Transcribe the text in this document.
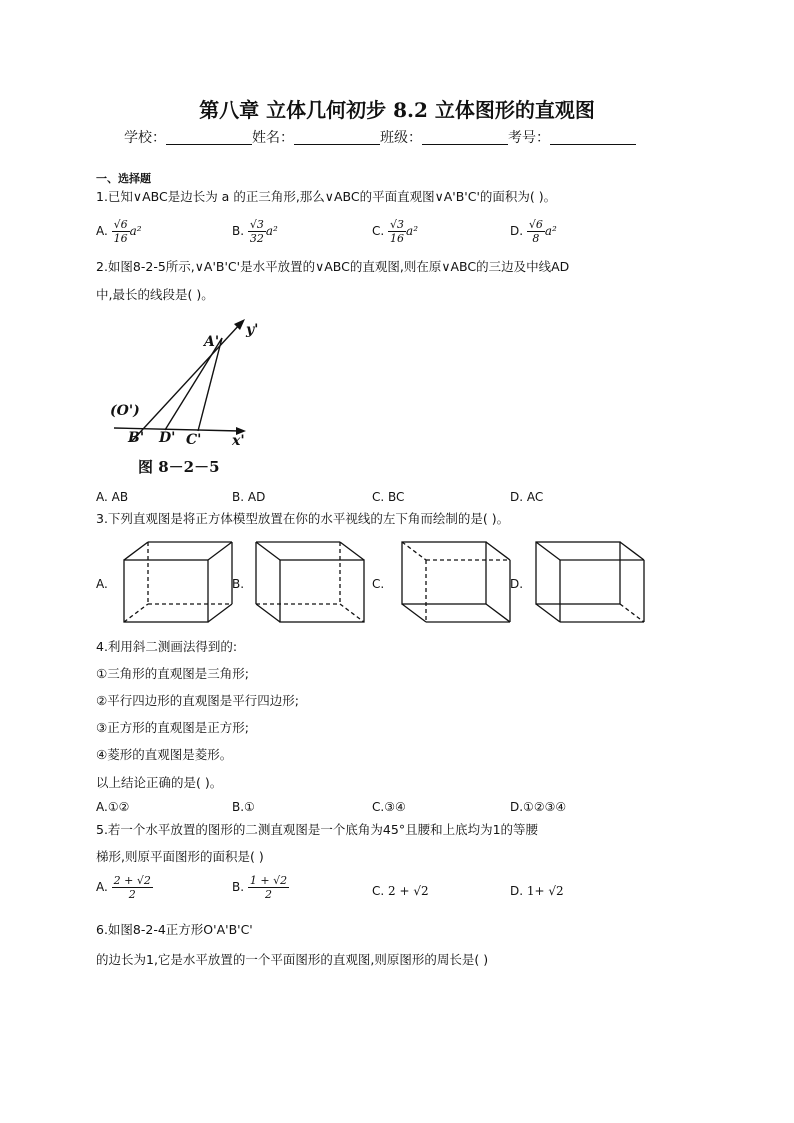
第八章 立体几何初步 8.2 立体图形的直观图
学校：	姓名：	班级：	考号：
一、选择题
1.已知∨ABC是边长为 a 的正三角形,那么∨ABC的平面直观图∨A'B'C'的面积为( )。
A. $\frac{√6}{16} a^2$	B. $\frac{√3}{32} a^2$	C. $\frac{√3}{16} a^2$	D. $\frac{√6}{8} a^2$
2.如图8-2-5所示,∨A'B'C'是水平放置的∨ABC的直观图,则在原∨ABC的三边及中线AD
中,最长的线段是( )。
A'
y'
(O')
B' D' C' x'
图 8－2－5
A. AB	B. AD	C. BC	D. AC
3.下列直观图是将正方体模型放置在你的水平视线的左下角而绘制的是( )。
A.	B.	C.	D.
4.利用斜二测画法得到的:
①三角形的直观图是三角形;
②平行四边形的直观图是平行四边形;
③正方形的直观图是正方形;
④菱形的直观图是菱形。
以上结论正确的是( )。
A.①②	B.①	C.③④	D.①②③④
5.若一个水平放置的图形的二测直观图是一个底角为45°且腰和上底均为1的等腰
梯形,则原平面图形的面积是( )
A. $\frac{2 + √2}{2}$	B. $\frac{1 + √2}{2}$	C. 2 + √2	D. 1+ √2
6.如图8-2-4正方形O'A'B'C'
的边长为1,它是水平放置的一个平面图形的直观图,则原图形的周长是( )
